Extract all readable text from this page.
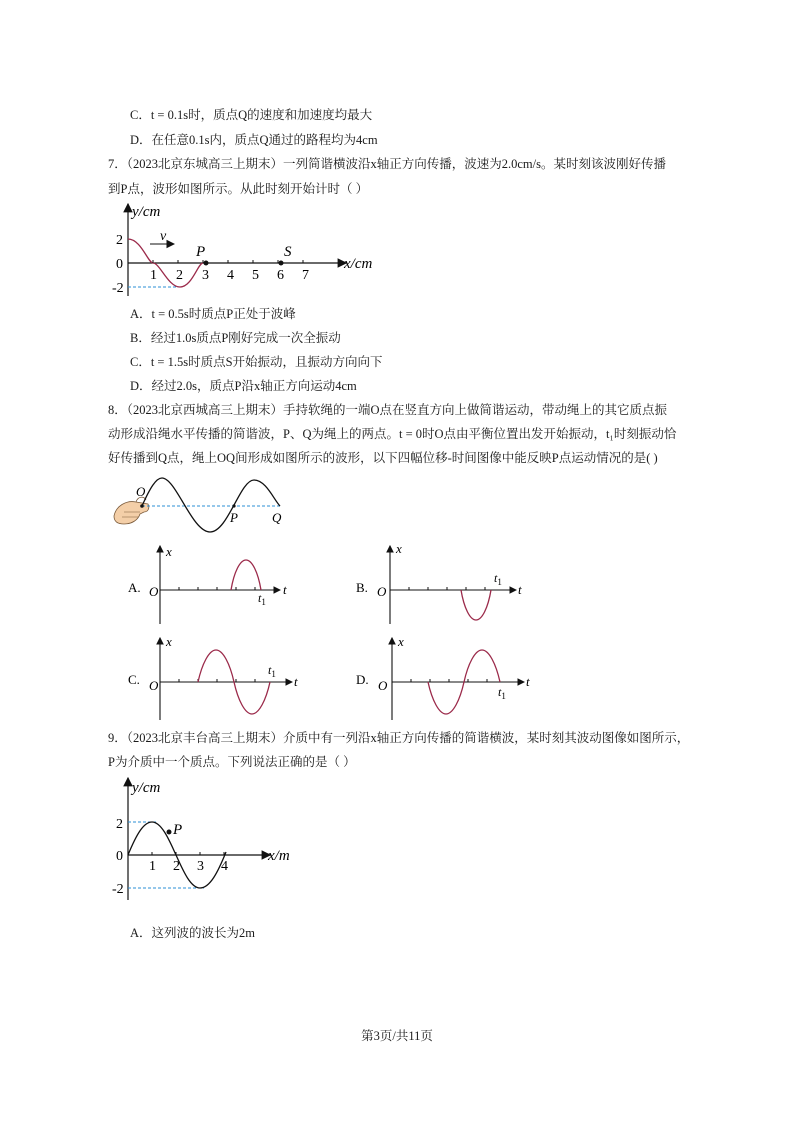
C．t = 0.1s时，质点Q的速度和加速度均最大
D．在任意0.1s内，质点Q通过的路程均为4cm
7．（2023北京东城高三上期末）一列简谐横波沿x轴正方向传播，波速为2.0cm/s。某时刻该波刚好传播
到P点，波形如图所示。从此时刻开始计时（ ）
y/cm
x/cm
2
0
-2
1 2 3 4 5 6 7
v
P	S
A．t = 0.5s时质点P正处于波峰
B．经过1.0s质点P刚好完成一次全振动
C．t = 1.5s时质点S开始振动，且振动方向向下
D．经过2.0s，质点P沿x轴正方向运动4cm
8．（2023北京西城高三上期末）手持软绳的一端O点在竖直方向上做简谐运动，带动绳上的其它质点振
动形成沿绳水平传播的简谐波，P、Q为绳上的两点。t = 0时O点由平衡位置出发开始振动，t₁时刻振动恰
好传播到Q点，绳上OQ间形成如图所示的波形，以下四幅位移-时间图像中能反映P点运动情况的是( )
O
P	Q
A. O
x
t
$t_1$
B. O
x
t
$t_1$
C. O
x
t
$t_1$	D. O
x
t
$t_1$
9．（2023北京丰台高三上期末）介质中有一列沿x轴正方向传播的简谐横波，某时刻其波动图像如图所示，
P为介质中一个质点。下列说法正确的是（ ）
y/cm
x/m
2
0
-2
1 2 3 4
P
A．这列波的波长为2m
第3页/共11页
